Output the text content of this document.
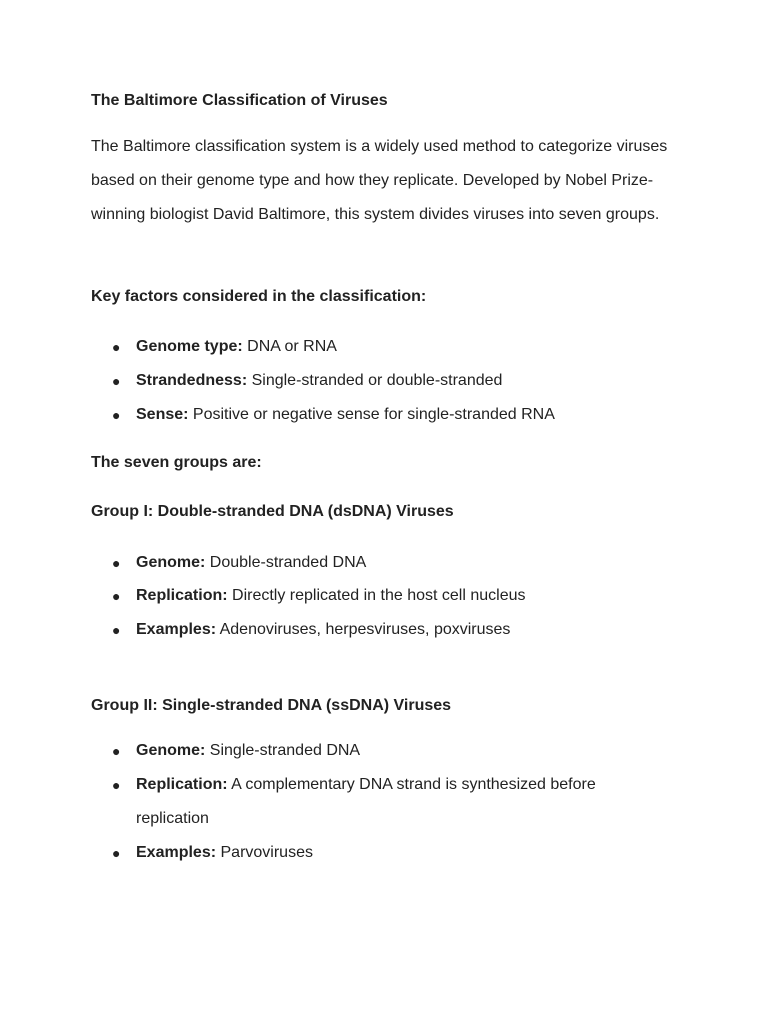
The Baltimore Classification of Viruses
The Baltimore classification system is a widely used method to categorize viruses based on their genome type and how they replicate. Developed by Nobel Prize-winning biologist David Baltimore, this system divides viruses into seven groups.
Key factors considered in the classification:
● Genome type: DNA or RNA
● Strandedness: Single-stranded or double-stranded
● Sense: Positive or negative sense for single-stranded RNA
The seven groups are:
Group I: Double-stranded DNA (dsDNA) Viruses
● Genome: Double-stranded DNA
● Replication: Directly replicated in the host cell nucleus
● Examples: Adenoviruses, herpesviruses, poxviruses
Group II: Single-stranded DNA (ssDNA) Viruses
● Genome: Single-stranded DNA
● Replication: A complementary DNA strand is synthesized before replication
● Examples: Parvoviruses
